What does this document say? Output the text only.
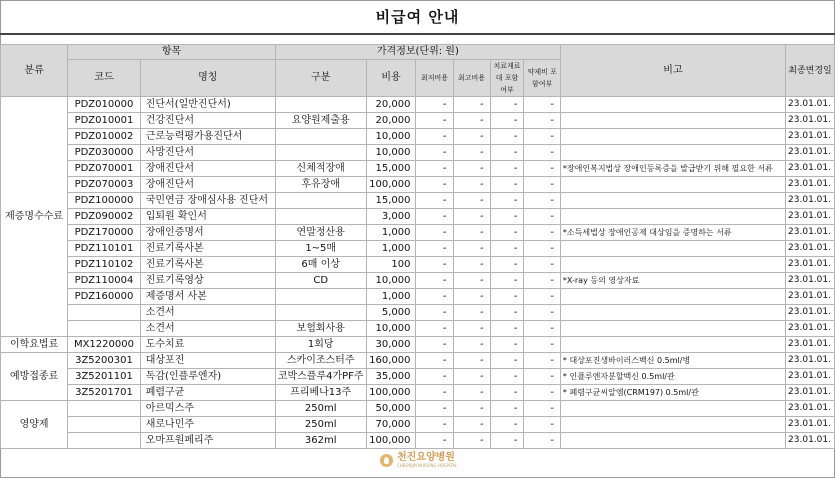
비급여 안내
분류	항목		가격정보(단위: 원)						비고	최종변경일
	코드	명칭	구분	비용	최저비용	최고비용	치료재료대 포함여부	약제비 포함여부		
제증명수수료	PDZ010000	진단서(일반진단서)		20,000	-	-	-	-		23.01.01.
	PDZ010001	건강진단서	요양원제출용	20,000	-	-	-	-		23.01.01.
	PDZ010002	근로능력평가용진단서		10,000	-	-	-	-		23.01.01.
	PDZ030000	사망진단서		10,000	-	-	-	-		23.01.01.
	PDZ070001	장애진단서	신체적장애	15,000	-	-	-	-	*장애인복지법상 장애인등록증을 발급받기 위해 필요한 서류	23.01.01.
	PDZ070003	장애진단서	후유장애	100,000	-	-	-	-		23.01.01.
	PDZ100000	국민연금 장애심사용 진단서		15,000	-	-	-	-		23.01.01.
	PDZ090002	입퇴원 확인서		3,000	-	-	-	-		23.01.01.
	PDZ170000	장애인증명서	연말정산용	1,000	-	-	-	-	*소득세법상 장애인공제 대상임을 증명하는 서류	23.01.01.
	PDZ110101	진료기록사본	1~5매	1,000	-	-	-	-		23.01.01.
	PDZ110102	진료기록사본	6매 이상	100	-	-	-	-		23.01.01.
	PDZ110004	진료기록영상	CD	10,000	-	-	-	-	*X-ray 등의 영상자료	23.01.01.
	PDZ160000	제증명서 사본		1,000	-	-	-	-		23.01.01.
		소견서		5,000	-	-	-	-		23.01.01.
		소견서	보험회사용	10,000	-	-	-	-		23.01.01.
이학요법료	MX1220000	도수치료	1회당	30,000	-	-	-	-		23.01.01.
예방접종료	3Z5200301	대상포진	스카이조스터주	160,000	-	-	-	-	* 대상포진생바이러스백신 0.5ml/병	23.01.01.
	3Z5201101	독감(인플루엔자)	코박스플루4가PF주	35,000	-	-	-	-	* 인플루엔자분할백신 0.5ml/관	23.01.01.
	3Z5201701	폐렴구균	프리베나13주	100,000	-	-	-	-	* 폐렴구균씨알엠(CRM197) 0.5ml/관	23.01.01.
영양제		아르믹스주	250ml	50,000	-	-	-	-		23.01.01.
		새로나민주	250ml	70,000	-	-	-	-		23.01.01.
		오마프원페리주	362ml	100,000	-	-	-	-		23.01.01.
천진요양병원
CHEONJIN NURSING HOSPITAL
